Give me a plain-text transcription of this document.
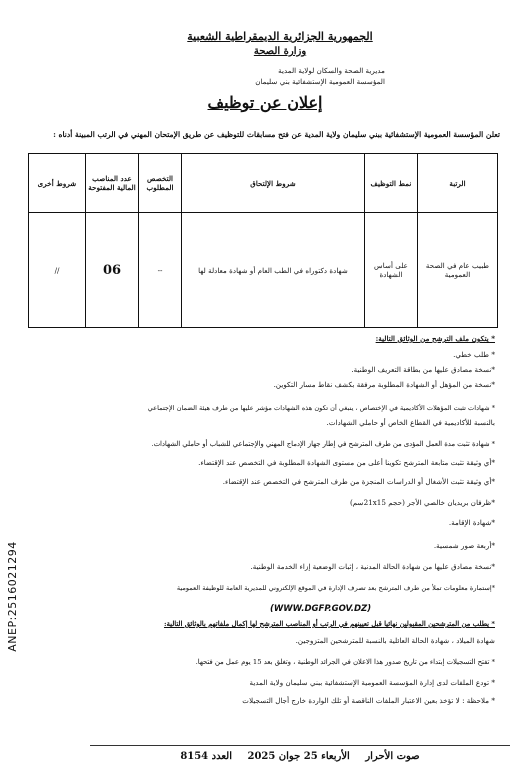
الجمهورية الجزائرية الديمقراطية الشعبية
وزارة الصحة
مديرية الصحة والسكان لولاية المدية
المؤسسة العمومية الإستشفائية بني سليمان
إعلان عن توظيف
تعلن المؤسسة العمومية الإستشفائية ببني سليمان ولاية المدية عن فتح مسابقات للتوظيف عن طريق الإمتحان المهني في الرتب المبينة أدناه :
الرتبة	نمط التوظيف	شروط الإلتحاق	التخصص المطلوب	عدد المناصب المالية المفتوحة	شروط أخرى
طبيب عام في الصحة العمومية	على أساس الشهادة	شهادة دكتوراه في الطب العام أو شهادة معادلة لها	--	06	//
* يتكون ملف الترشح من الوثائق التالية:
* طلب خطي.
*نسخة مصادق عليها من بطاقة التعريف الوطنية.
*نسخة من المؤهل أو الشهادة المطلوبة مرفقة بكشف نقاط مسار التكوين.
* شهادات تثبت المؤهلات الأكاديمية في الإختصاص ، ينبغي أن تكون هذه الشهادات مؤشر عليها من طرف هيئة الضمان الإجتماعي
بالنسبة للأكاديمية في القطاع الخاص أو حاملي الشهادات.
* شهادة تثبت مدة العمل المؤدى من طرف المترشح في إطار جهاز الإدماج المهني والإجتماعي للشباب أو حاملي الشهادات.
*أي وثيقة تثبت متابعة المترشح تكوينا أعلى من مستوى الشهادة المطلوبة في التخصص عند الإقتضاء.
*أي وثيقة تثبت الأشغال أو الدراسات المنجزة من طرف المترشح في التخصص عند الإقتضاء.
*ظرفان بريديان خالصي الأجر (حجم 21x15سم)
*شهادة الإقامة.
*أربعة صور شمسية.
*نسخة مصادق عليها من شهادة الحالة المدنية ، إثبات الوضعية إزاء الخدمة الوطنية.
*إستمارة معلومات تملأ من طرف المترشح بعد تصرف الإدارة في الموقع الإلكتروني للمديرية العامة للوظيفة العمومية
* يطلب من المترشحين المقبولين نهائيا قبل تعيينهم في الرتب أو المناصب المترشح لها إكمال ملفاتهم بالوثائق التالية:
شهادة الميلاد ، شهادة الحالة العائلية بالنسبة للمترشحين المتزوجين.
* تفتح التسجيلات إبتداء من تاريخ صدور هذا الاعلان في الجرائد الوطنية ، وتغلق بعد 15 يوم عمل من فتحها.
* تودع الملفات لدى إدارة المؤسسة العمومية الإستشفائية ببني سليمان ولاية المدية
* ملاحظة : لا تؤخذ بعين الاعتبار الملفات الناقصة أو تلك الواردة خارج أجال التسجيلات
(WWW.DGFP.GOV.DZ)
ANEP:2516021294
صوت الأحرار الأربعاء 25 جوان 2025 العدد 8154
